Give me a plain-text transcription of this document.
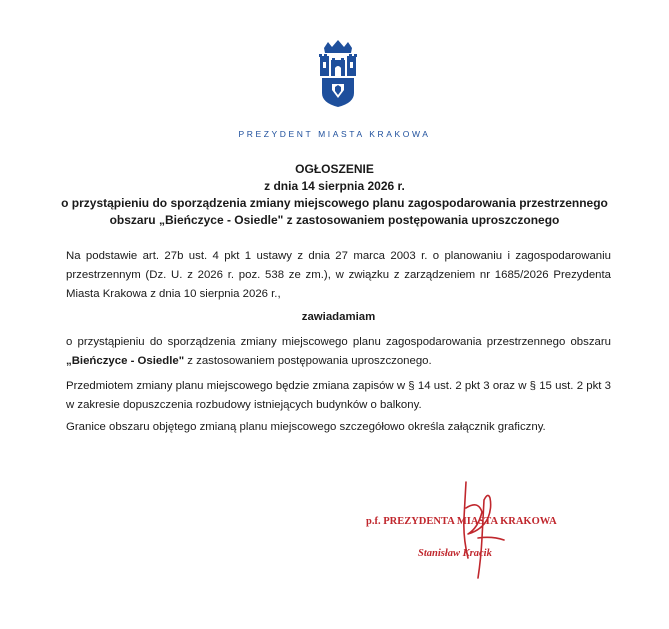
PREZYDENT MIASTA KRAKOWA
OGŁOSZENIE
z dnia 14 sierpnia 2026 r.
o przystąpieniu do sporządzenia zmiany miejscowego planu zagospodarowania przestrzennego
obszaru „Bieńczyce - Osiedle" z zastosowaniem postępowania uproszczonego
Na podstawie art. 27b ust. 4 pkt 1 ustawy z dnia 27 marca 2003 r. o planowaniu i zagospodarowaniu przestrzennym (Dz. U. z 2026 r. poz. 538 ze zm.), w związku z zarządzeniem nr 1685/2026 Prezydenta Miasta Krakowa z dnia 10 sierpnia 2026 r.,
zawiadamiam
o przystąpieniu do sporządzenia zmiany miejscowego planu zagospodarowania przestrzennego obszaru „Bieńczyce - Osiedle" z zastosowaniem postępowania uproszczonego.
Przedmiotem zmiany planu miejscowego będzie zmiana zapisów w § 14 ust. 2 pkt 3 oraz w § 15 ust. 2 pkt 3 w zakresie dopuszczenia rozbudowy istniejących budynków o balkony.
Granice obszaru objętego zmianą planu miejscowego szczegółowo określa załącznik graficzny.
p.f. PREZYDENTA MIASTA KRAKOWA
Stanisław Kracik
